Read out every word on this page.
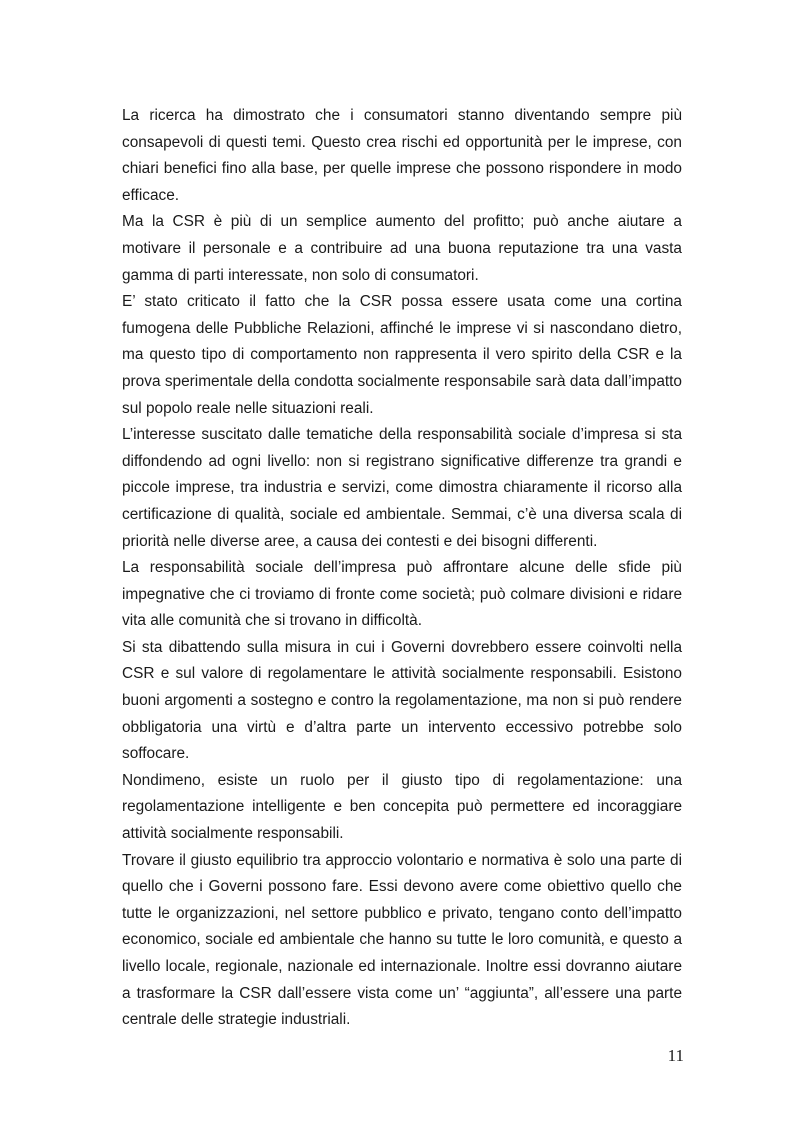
La ricerca ha dimostrato che i consumatori stanno diventando sempre più consapevoli di questi temi. Questo crea rischi ed opportunità per le imprese, con chiari benefici fino alla base, per quelle imprese che possono rispondere in modo efficace.

Ma la CSR è più di un semplice aumento del profitto; può anche aiutare a motivare il personale e a contribuire ad una buona reputazione tra una vasta gamma di parti interessate, non solo di consumatori.

E’ stato criticato il fatto che la CSR possa essere usata come una cortina fumogena delle Pubbliche Relazioni, affinché le imprese vi si nascondano dietro, ma questo tipo di comportamento non rappresenta il vero spirito della CSR e la prova sperimentale della condotta socialmente responsabile sarà data dall’impatto sul popolo reale nelle situazioni reali.

L’interesse suscitato dalle tematiche della responsabilità sociale d’impresa si sta diffondendo ad ogni livello: non si registrano significative differenze tra grandi e piccole imprese, tra industria e servizi, come dimostra chiaramente il ricorso alla certificazione di qualità, sociale ed ambientale. Semmai, c’è una diversa scala di priorità nelle diverse aree, a causa dei contesti e dei bisogni differenti.

La responsabilità sociale dell’impresa può affrontare alcune delle sfide più impegnative che ci troviamo di fronte come società; può colmare divisioni e ridare vita alle comunità che si trovano in difficoltà.

Si sta dibattendo sulla misura in cui i Governi dovrebbero essere coinvolti nella CSR e sul valore di regolamentare le attività socialmente responsabili. Esistono buoni argomenti a sostegno e contro la regolamentazione, ma non si può rendere obbligatoria una virtù e d’altra parte un intervento eccessivo potrebbe solo soffocare.

Nondimeno, esiste un ruolo per il giusto tipo di regolamentazione: una regolamentazione intelligente e ben concepita può permettere ed incoraggiare attività socialmente responsabili.

Trovare il giusto equilibrio tra approccio volontario e normativa è solo una parte di quello che i Governi possono fare. Essi devono avere come obiettivo quello che tutte le organizzazioni, nel settore pubblico e privato, tengano conto dell’impatto economico, sociale ed ambientale che hanno su tutte le loro comunità, e questo a livello locale, regionale, nazionale ed internazionale. Inoltre essi dovranno aiutare a trasformare la CSR dall’essere vista come un’ “aggiunta”, all’essere una parte centrale delle strategie industriali.

11
